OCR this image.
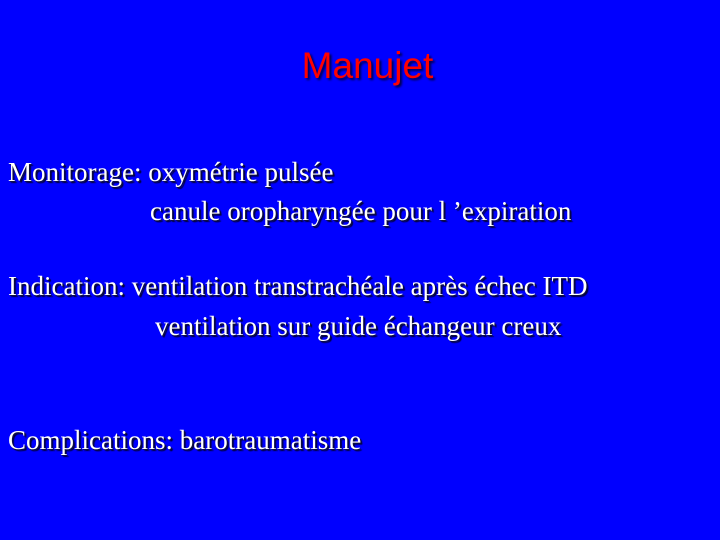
Manujet
Monitorage: oxymétrie pulsée
canule oropharyngée pour l ’expiration
Indication: ventilation transtrachéale après échec ITD
ventilation sur guide échangeur creux
Complications: barotraumatisme
